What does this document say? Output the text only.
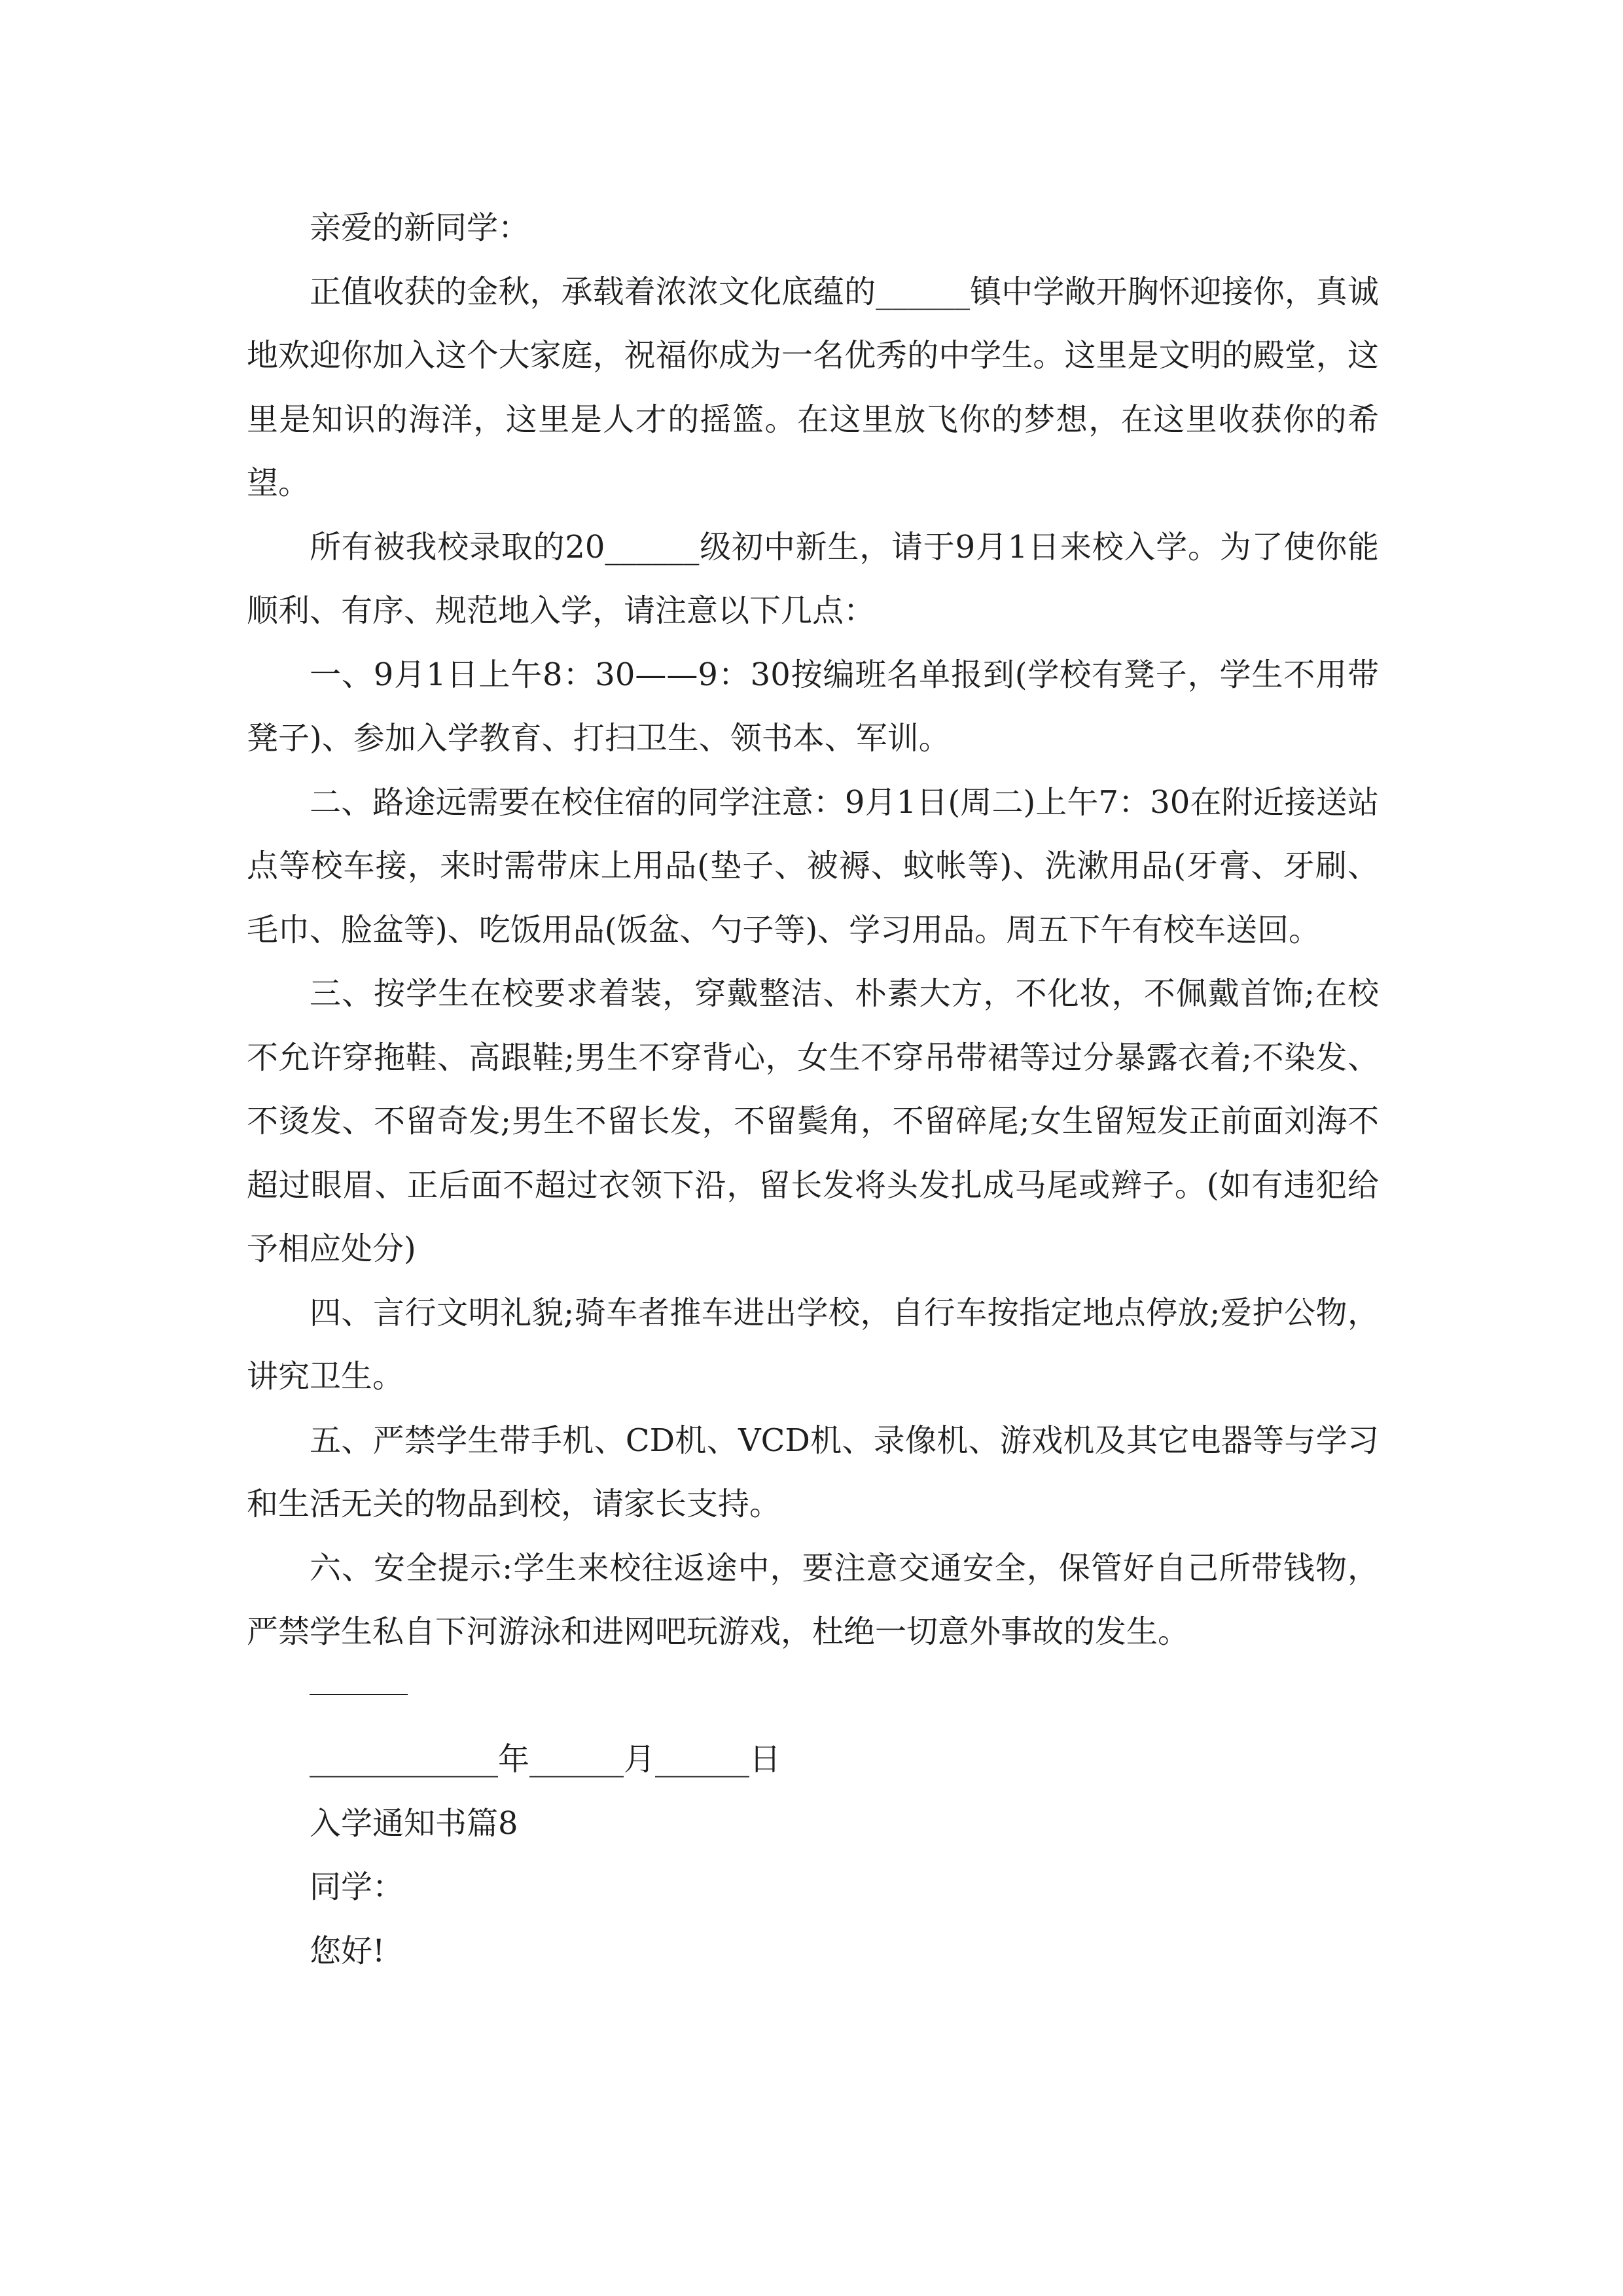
亲爱的新同学：
正值收获的金秋，承载着浓浓文化底蕴的______镇中学敞开胸怀迎接你，真诚地欢迎你加入这个大家庭，祝福你成为一名优秀的中学生。这里是文明的殿堂，这里是知识的海洋，这里是人才的摇篮。在这里放飞你的梦想，在这里收获你的希望。
所有被我校录取的20______级初中新生，请于9月1日来校入学。为了使你能顺利、有序、规范地入学，请注意以下几点：
一、9月1日上午8：30——9：30按编班名单报到(学校有凳子，学生不用带凳子)、参加入学教育、打扫卫生、领书本、军训。
二、路途远需要在校住宿的同学注意：9月1日(周二)上午7：30在附近接送站点等校车接，来时需带床上用品(垫子、被褥、蚊帐等)、洗漱用品(牙膏、牙刷、毛巾、脸盆等)、吃饭用品(饭盆、勺子等)、学习用品。周五下午有校车送回。
三、按学生在校要求着装，穿戴整洁、朴素大方，不化妆，不佩戴首饰;在校不允许穿拖鞋、高跟鞋;男生不穿背心，女生不穿吊带裙等过分暴露衣着;不染发、不烫发、不留奇发;男生不留长发，不留鬓角，不留碎尾;女生留短发正前面刘海不超过眼眉、正后面不超过衣领下沿，留长发将头发扎成马尾或辫子。(如有违犯给予相应处分)
四、言行文明礼貌;骑车者推车进出学校，自行车按指定地点停放;爱护公物，讲究卫生。
五、严禁学生带手机、CD机、VCD机、录像机、游戏机及其它电器等与学习和生活无关的物品到校，请家长支持。
六、安全提示:学生来校往返途中，要注意交通安全，保管好自己所带钱物，严禁学生私自下河游泳和进网吧玩游戏，杜绝一切意外事故的发生。
____________年______月______日
入学通知书篇8
同学：
您好!
